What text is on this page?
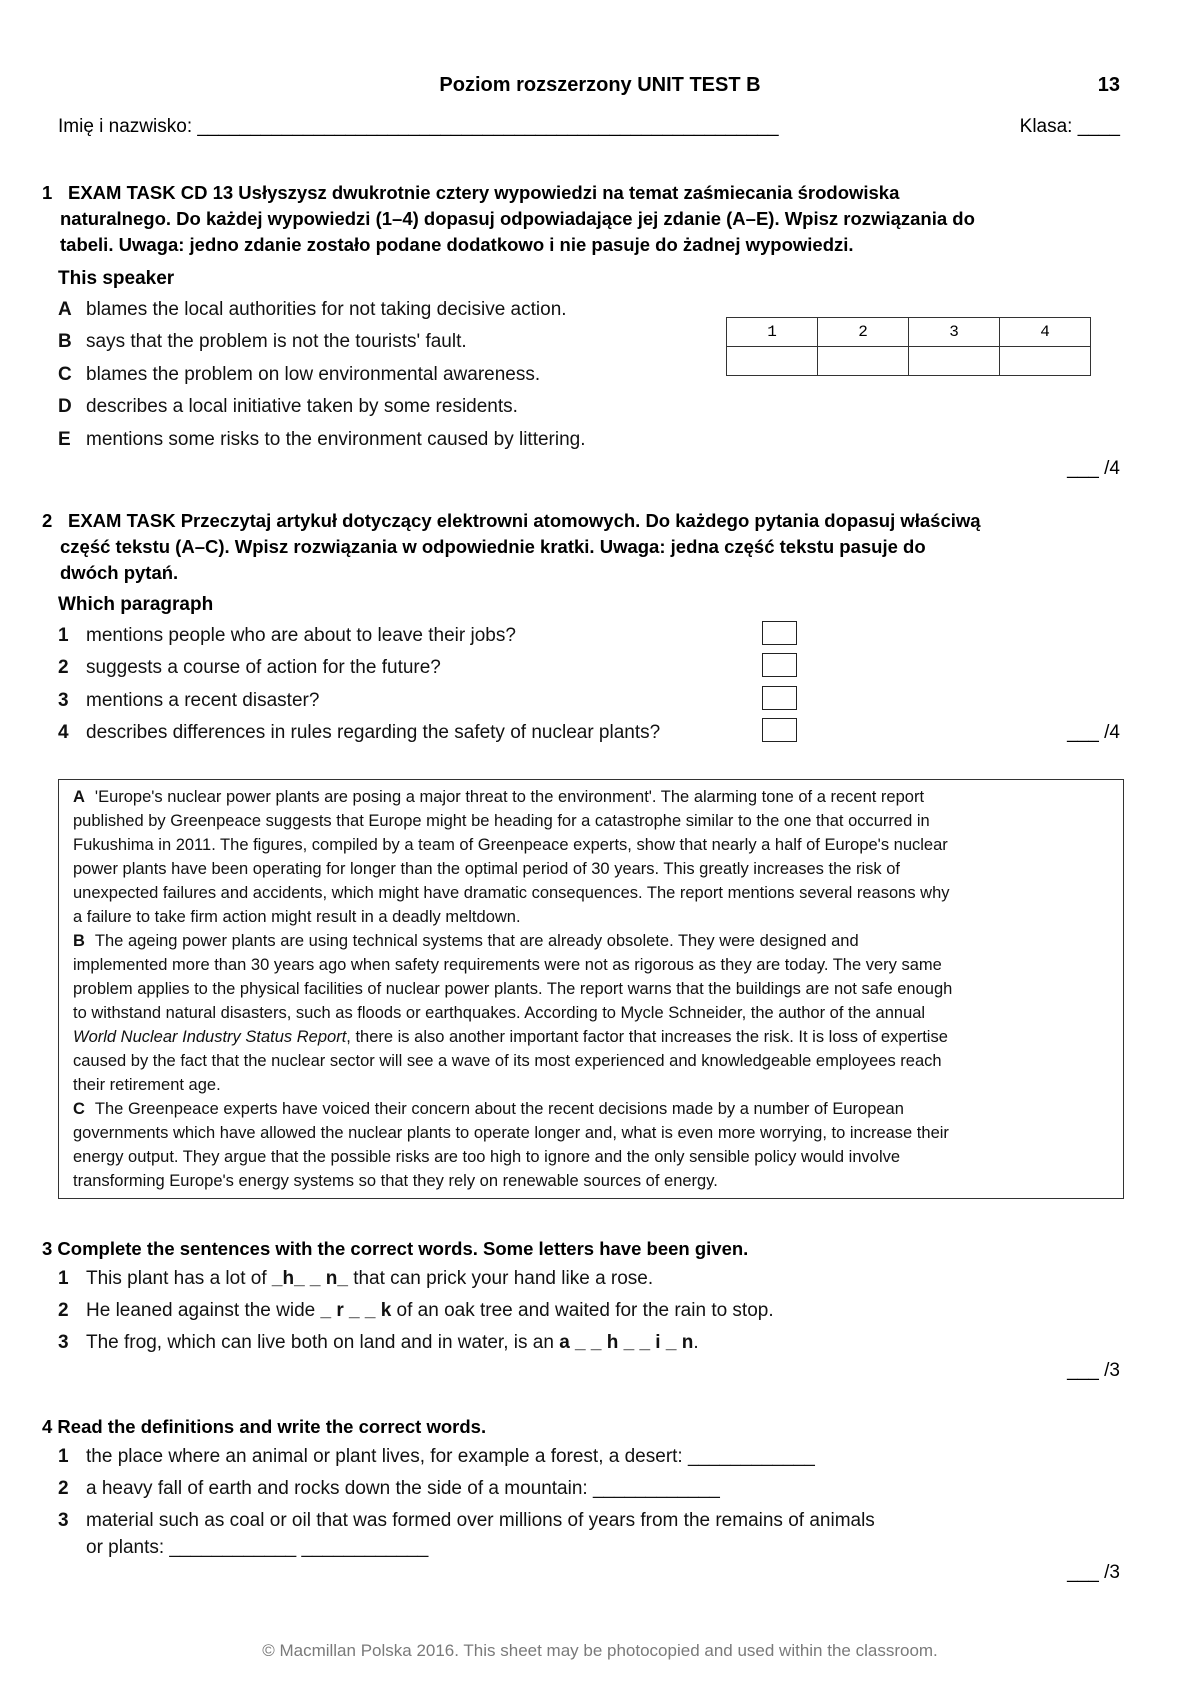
Poziom rozszerzony UNIT TEST B	13
Imię i nazwisko: _______________________________________________________	Klasa: ____
1 EXAM TASK CD 13 Usłyszysz dwukrotnie cztery wypowiedzi na temat zaśmiecania środowiska
naturalnego. Do każdej wypowiedzi (1–4) dopasuj odpowiadające jej zdanie (A–E). Wpisz rozwiązania do
tabeli. Uwaga: jedno zdanie zostało podane dodatkowo i nie pasuje do żadnej wypowiedzi.
This speaker
A blames the local authorities for not taking decisive action.
B says that the problem is not the tourists' fault.
C blames the problem on low environmental awareness.
D describes a local initiative taken by some residents.
E mentions some risks to the environment caused by littering.
1	2	3	4

___ /4
2 EXAM TASK Przeczytaj artykuł dotyczący elektrowni atomowych. Do każdego pytania dopasuj właściwą
część tekstu (A–C). Wpisz rozwiązania w odpowiednie kratki. Uwaga: jedna część tekstu pasuje do
dwóch pytań.
Which paragraph
1 mentions people who are about to leave their jobs?
2 suggests a course of action for the future?
3 mentions a recent disaster?
4 describes differences in rules regarding the safety of nuclear plants?	___ /4

A 'Europe's nuclear power plants are posing a major threat to the environment'. The alarming tone of a recent report

published by Greenpeace suggests that Europe might be heading for a catastrophe similar to the one that occurred in

Fukushima in 2011. The figures, compiled by a team of Greenpeace experts, show that nearly a half of Europe's nuclear

power plants have been operating for longer than the optimal period of 30 years. This greatly increases the risk of

unexpected failures and accidents, which might have dramatic consequences. The report mentions several reasons why

a failure to take firm action might result in a deadly meltdown.

B The ageing power plants are using technical systems that are already obsolete. They were designed and

implemented more than 30 years ago when safety requirements were not as rigorous as they are today. The very same

problem applies to the physical facilities of nuclear power plants. The report warns that the buildings are not safe enough

to withstand natural disasters, such as floods or earthquakes. According to Mycle Schneider, the author of the annual

World Nuclear Industry Status Report, there is also another important factor that increases the risk. It is loss of expertise

caused by the fact that the nuclear sector will see a wave of its most experienced and knowledgeable employees reach

their retirement age.

C The Greenpeace experts have voiced their concern about the recent decisions made by a number of European

governments which have allowed the nuclear plants to operate longer and, what is even more worrying, to increase their

energy output. They argue that the possible risks are too high to ignore and the only sensible policy would involve

transforming Europe's energy systems so that they rely on renewable sources of energy.

3 Complete the sentences with the correct words. Some letters have been given.
1 This plant has a lot of _h_ _ n_ that can prick your hand like a rose.
2 He leaned against the wide _ r _ _ k of an oak tree and waited for the rain to stop.
3 The frog, which can live both on land and in water, is an a _ _ h _ _ i _ n.
___ /3
4 Read the definitions and write the correct words.
1 the place where an animal or plant lives, for example a forest, a desert: ____________
2 a heavy fall of earth and rocks down the side of a mountain: ____________
3 material such as coal or oil that was formed over millions of years from the remains of animals
or plants: ____________ ____________
___ /3
© Macmillan Polska 2016. This sheet may be photocopied and used within the classroom.
